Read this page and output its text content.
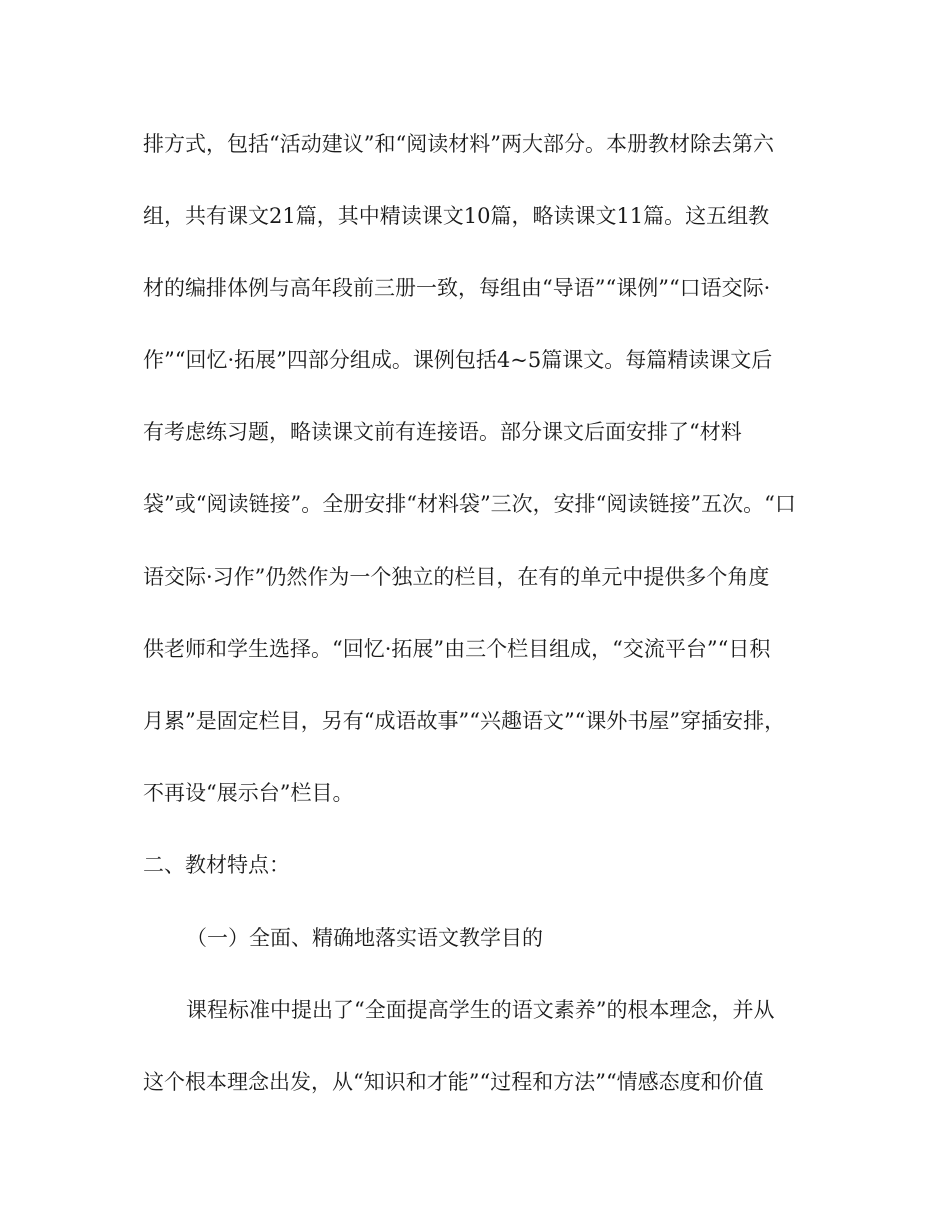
排方式，包括“活动建议”和“阅读材料”两大部分。本册教材除去第六
组，共有课文21篇，其中精读课文10篇，略读课文11篇。这五组教
材的编排体例与高年段前三册一致，每组由“导语”“课例”“口语交际·
作”“回忆·拓展”四部分组成。课例包括4~5篇课文。每篇精读课文后
有考虑练习题，略读课文前有连接语。部分课文后面安排了“材料
袋”或“阅读链接”。全册安排“材料袋”三次，安排“阅读链接”五次。“口
语交际·习作”仍然作为一个独立的栏目，在有的单元中提供多个角度
供老师和学生选择。“回忆·拓展”由三个栏目组成，“交流平台”“日积
月累”是固定栏目，另有“成语故事”“兴趣语文”“课外书屋”穿插安排，
不再设“展示台”栏目。
二、教材特点：
（一）全面、精确地落实语文教学目的
课程标准中提出了“全面提高学生的语文素养”的根本理念，并从
这个根本理念出发，从“知识和才能”“过程和方法”“情感态度和价值
